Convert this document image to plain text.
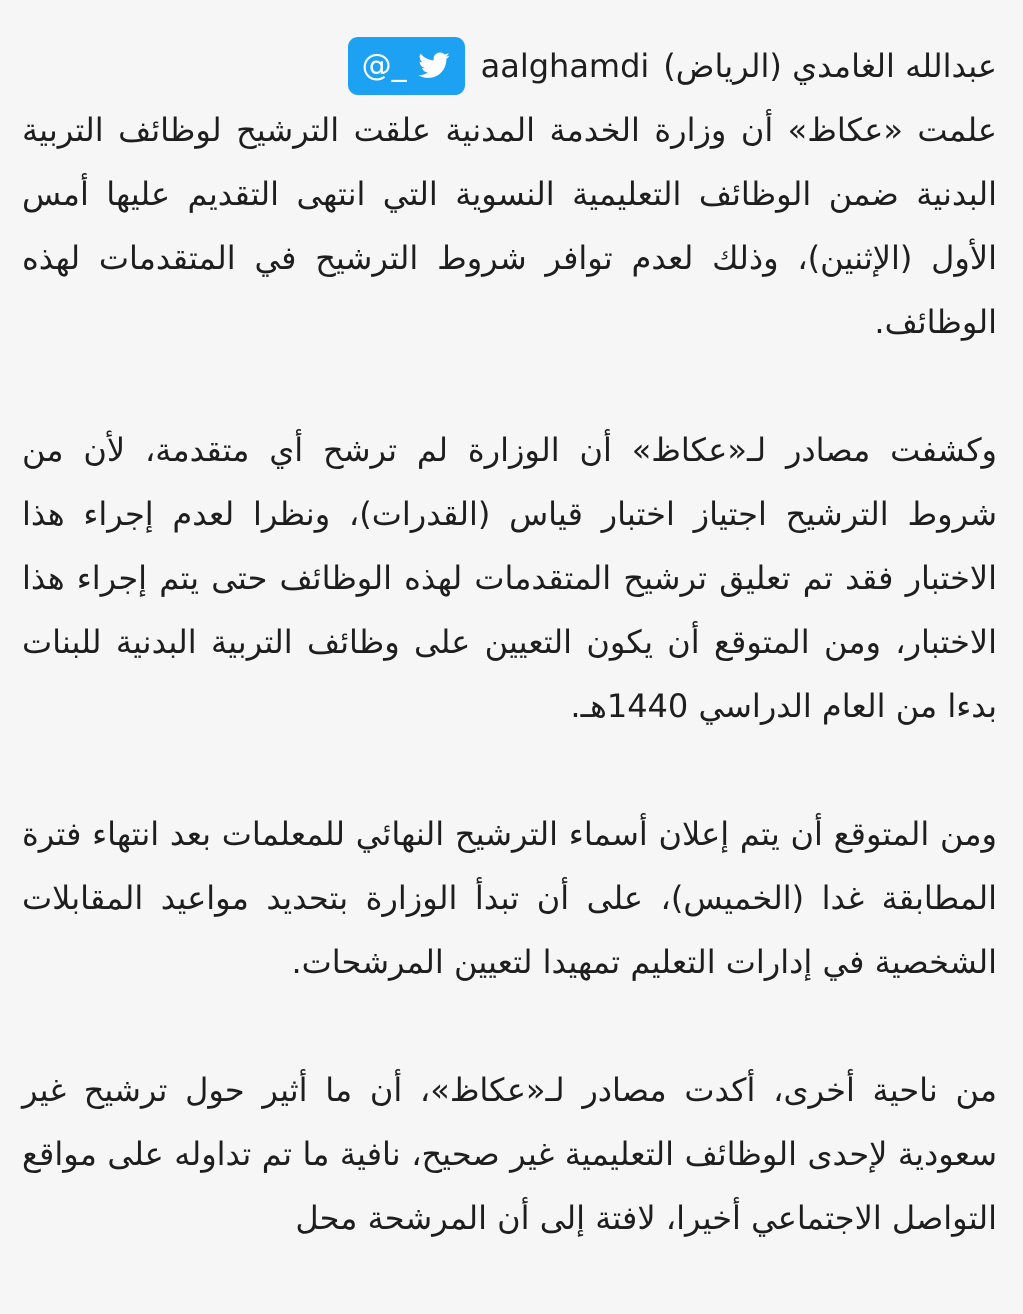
عبدالله الغامدي (الرياض)
aalghamdi
@_

علمت «عكاظ» أن وزارة الخدمة المدنية علقت الترشيح لوظائف التربية البدنية ضمن الوظائف التعليمية النسوية التي انتهى التقديم عليها أمس الأول (الإثنين)، وذلك لعدم توافر شروط الترشيح في المتقدمات لهذه الوظائف.

وكشفت مصادر لـ«عكاظ» أن الوزارة لم ترشح أي متقدمة، لأن من شروط الترشيح اجتياز اختبار قياس (القدرات)، ونظرا لعدم إجراء هذا الاختبار فقد تم تعليق ترشيح المتقدمات لهذه الوظائف حتى يتم إجراء هذا الاختبار، ومن المتوقع أن يكون التعيين على وظائف التربية البدنية للبنات بدءا من العام الدراسي 1440هـ.

ومن المتوقع أن يتم إعلان أسماء الترشيح النهائي للمعلمات بعد انتهاء فترة المطابقة غدا (الخميس)، على أن تبدأ الوزارة بتحديد مواعيد المقابلات الشخصية في إدارات التعليم تمهيدا لتعيين المرشحات.

من ناحية أخرى، أكدت مصادر لـ«عكاظ»، أن ما أثير حول ترشيح غير سعودية لإحدى الوظائف التعليمية غير صحيح، نافية ما تم تداوله على مواقع التواصل الاجتماعي أخيرا، لافتة إلى أن المرشحة محل
